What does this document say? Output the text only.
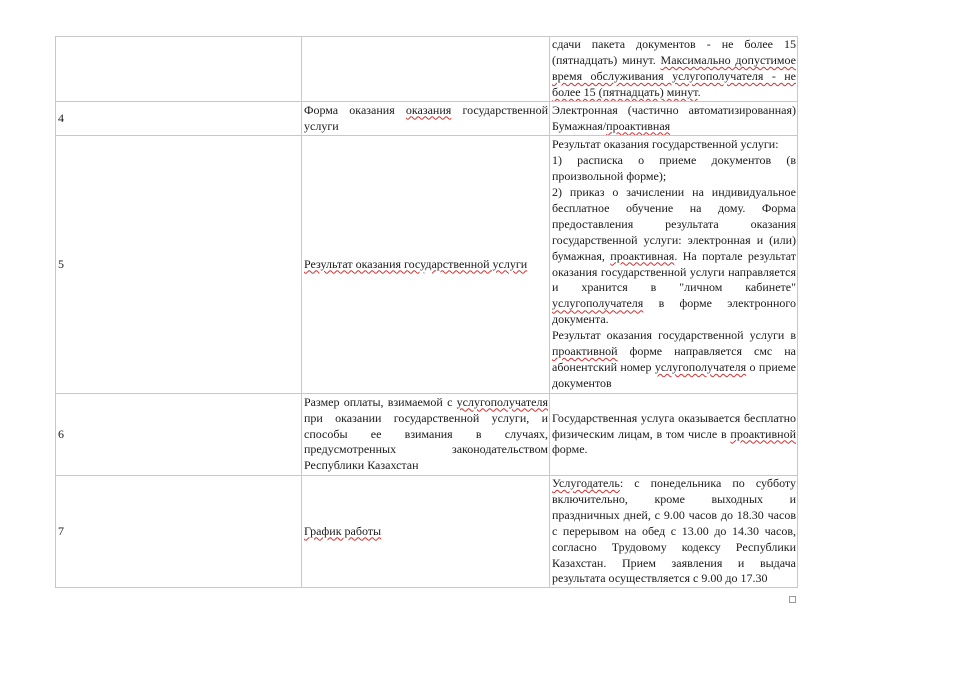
		сдачи пакета документов - не более 15 (пятнадцать) минут. Максимально допустимое время обслуживания услугополучателя - не более 15 (пятнадцать) минут.

4	Форма оказания оказания государственной услуги	Электронная (частично автоматизированная) Бумажная/проактивная

5	Результат оказания государственной услуги	Результат оказания государственной услуги:

1) расписка о приеме документов (в произвольной форме);

2) приказ о зачислении на индивидуальное бесплатное обучение на дому. Форма предоставления результата оказания государственной услуги: электронная и (или) бумажная, проактивная. На портале результат оказания государственной услуги направляется и хранится в "личном кабинете" услугополучателя в форме электронного документа.

Результат оказания государственной услуги в проактивной форме направляется смс на абонентский номер услугополучателя о приеме документов

6	Размер оплаты, взимаемой с услугополучателя при оказании государственной услуги, и способы ее взимания в случаях, предусмотренных законодательством Республики Казахстан	Государственная услуга оказывается бесплатно физическим лицам, в том числе в проактивной форме.

7	График работы	Услугодатель: с понедельника по субботу включительно, кроме выходных и праздничных дней, с 9.00 часов до 18.30 часов с перерывом на обед с 13.00 до 14.30 часов, согласно Трудовому кодексу Республики Казахстан. Прием заявления и выдача результата осуществляется с 9.00 до 17.30
